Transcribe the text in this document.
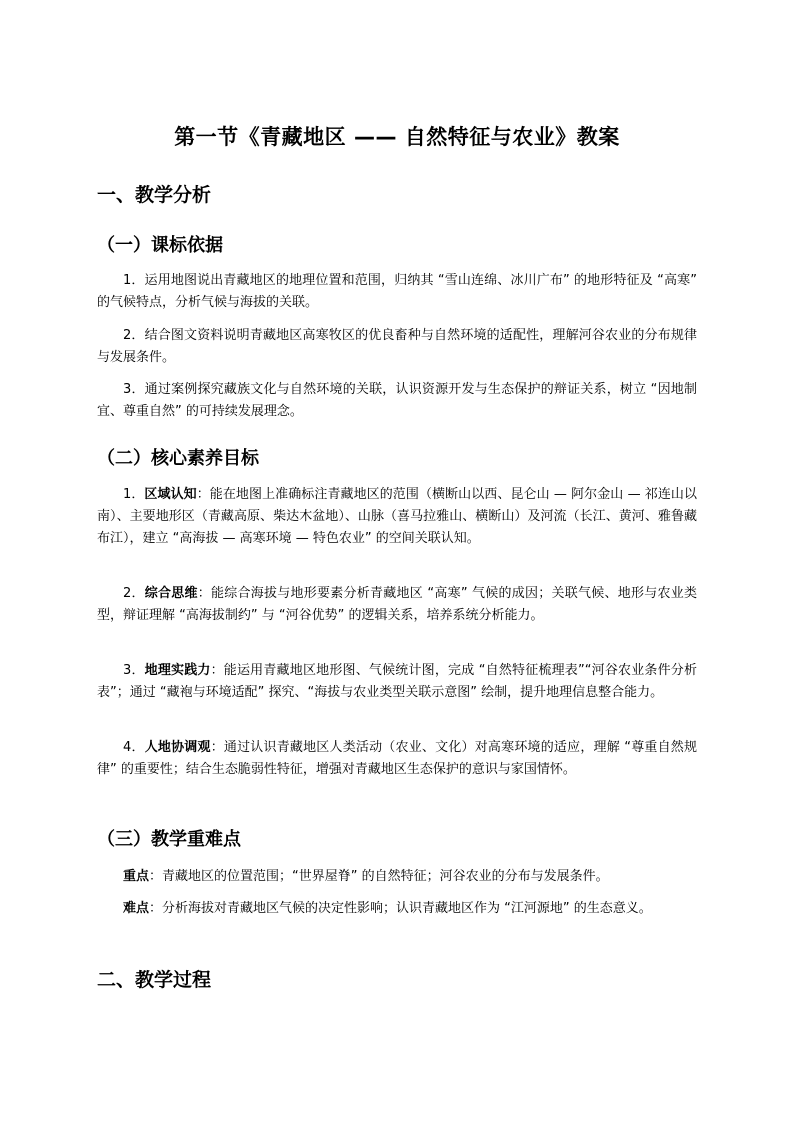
第一节《青藏地区 —— 自然特征与农业》教案
一、教学分析
（一）课标依据

1．运用地图说出青藏地区的地理位置和范围，归纳其 “雪山连绵、冰川广布” 的地形特征及 “高寒” 的气候特点，分析气候与海拔的关联。

2．结合图文资料说明青藏地区高寒牧区的优良畜种与自然环境的适配性，理解河谷农业的分布规律与发展条件。

3．通过案例探究藏族文化与自然环境的关联，认识资源开发与生态保护的辩证关系，树立 “因地制宜、尊重自然” 的可持续发展理念。

（二）核心素养目标

1．区域认知：能在地图上准确标注青藏地区的范围（横断山以西、昆仑山 — 阿尔金山 — 祁连山以南）、主要地形区（青藏高原、柴达木盆地）、山脉（喜马拉雅山、横断山）及河流（长江、黄河、雅鲁藏布江），建立 “高海拔 — 高寒环境 — 特色农业” 的空间关联认知。

2．综合思维：能综合海拔与地形要素分析青藏地区 “高寒” 气候的成因；关联气候、地形与农业类型，辩证理解 “高海拔制约” 与 “河谷优势” 的逻辑关系，培养系统分析能力。

3．地理实践力：能运用青藏地区地形图、气候统计图，完成 “自然特征梳理表”“河谷农业条件分析表”；通过 “藏袍与环境适配” 探究、“海拔与农业类型关联示意图” 绘制，提升地理信息整合能力。

4．人地协调观：通过认识青藏地区人类活动（农业、文化）对高寒环境的适应，理解 “尊重自然规律” 的重要性；结合生态脆弱性特征，增强对青藏地区生态保护的意识与家国情怀。

（三）教学重难点

重点：青藏地区的位置范围；“世界屋脊” 的自然特征；河谷农业的分布与发展条件。

难点：分析海拔对青藏地区气候的决定性影响；认识青藏地区作为 “江河源地” 的生态意义。

二、教学过程
